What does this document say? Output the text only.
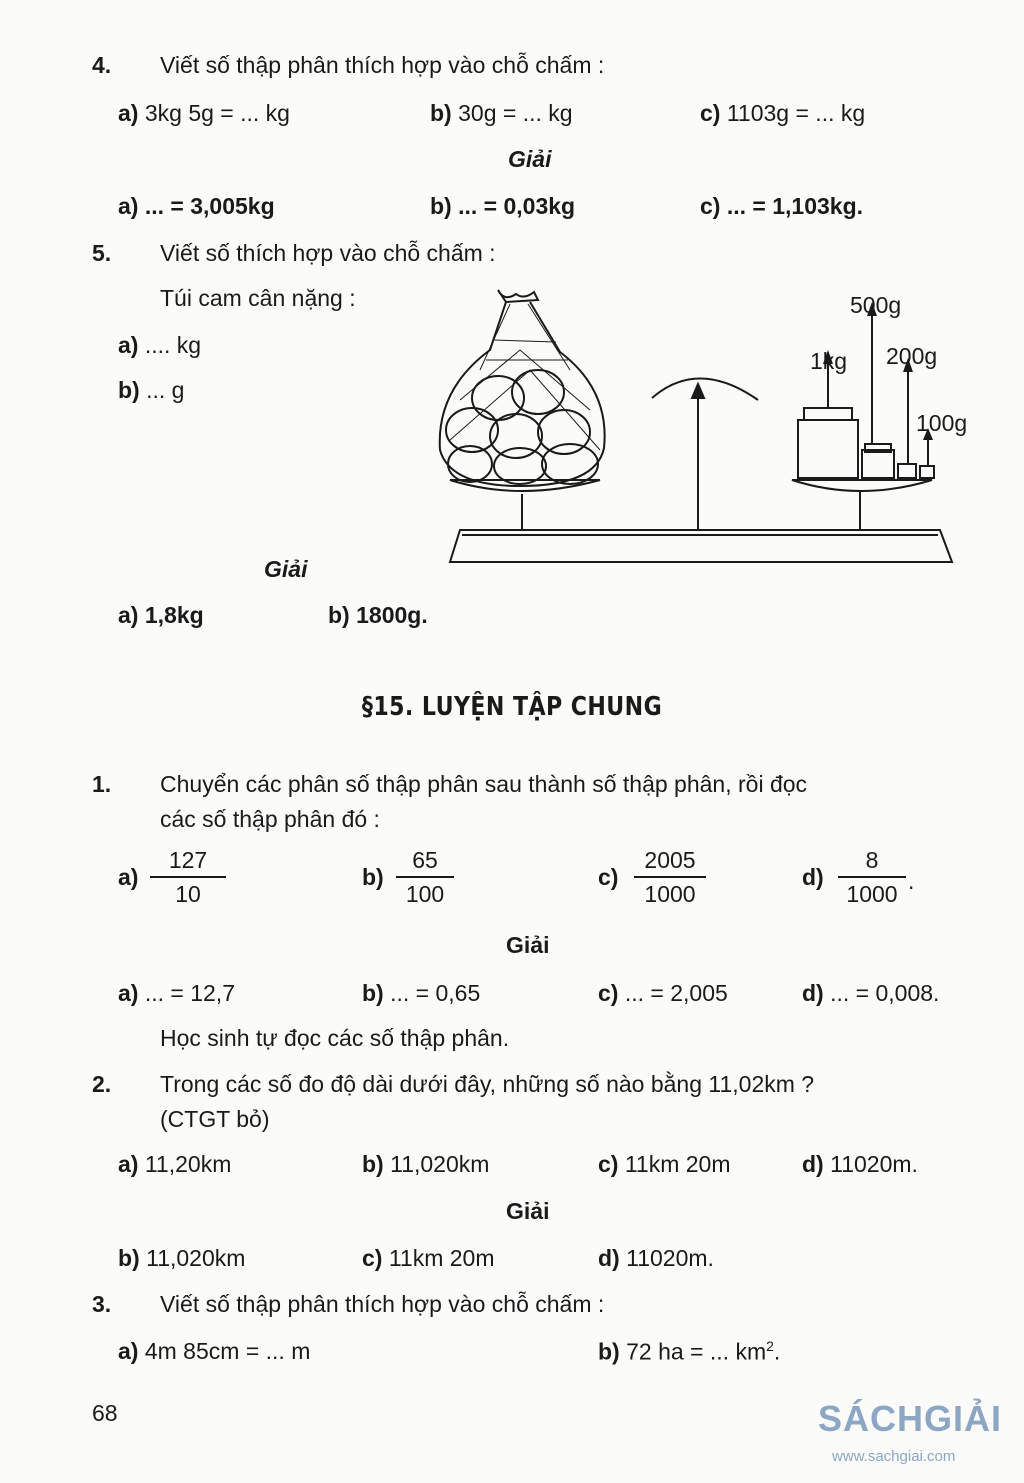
4. Viết số thập phân thích hợp vào chỗ chấm :
a) 3kg 5g = ... kg	b) 30g = ... kg	c) 1103g = ... kg
Giải
a) ... = 3,005kg	b) ... = 0,03kg	c) ... = 1,103kg.
5. Viết số thích hợp vào chỗ chấm :
Túi cam cân nặng :
a) .... kg
b) ... g
500g
1kg 200g
100g
Giải
a) 1,8kg	b) 1800g.
§15. LUYỆN TẬP CHUNG
1. Chuyển các phân số thập phân sau thành số thập phân, rồi đọc
các số thập phân đó :
a)
127
10
b)
65
100
c)
2005
1000
d)
8
1000 .
Giải
a) ... = 12,7	b) ... = 0,65	c) ... = 2,005	d) ... = 0,008.
Học sinh tự đọc các số thập phân.
2. Trong các số đo độ dài dưới đây, những số nào bằng 11,02km ?
(CTGT bỏ)
a) 11,20km	b) 11,020km	c) 11km 20m	d) 11020m.
Giải
b) 11,020km	c) 11km 20m	d) 11020m.
3. Viết số thập phân thích hợp vào chỗ chấm :
a) 4m 85cm = ... m	b) 72 ha = ... $km^2$.
68	SÁCHGIẢI
www.sachgiai.com
